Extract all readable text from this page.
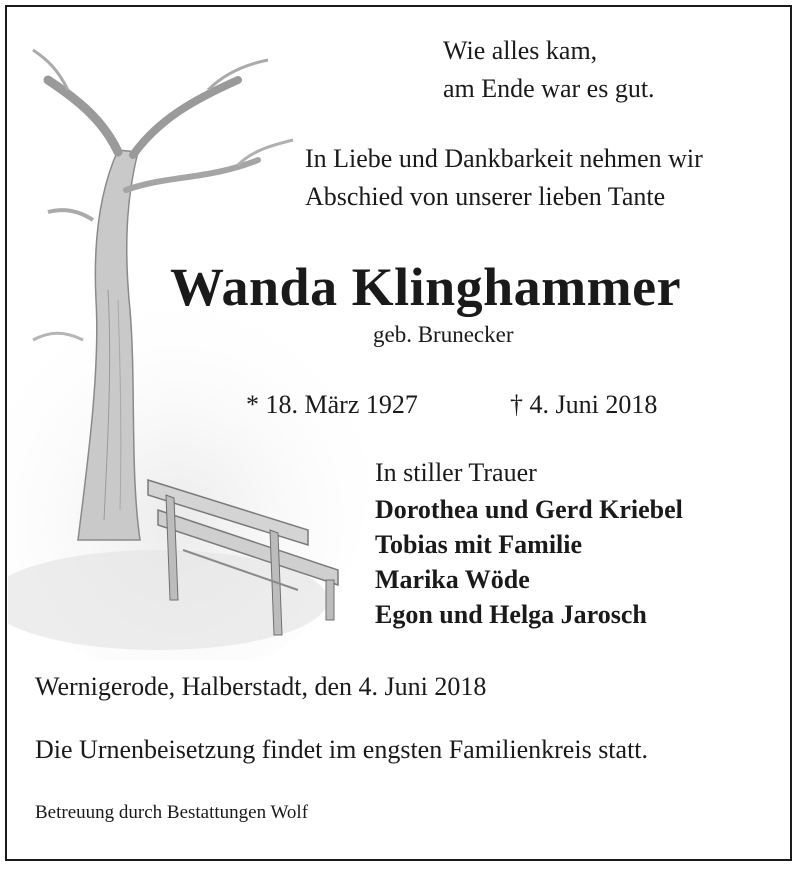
Wie alles kam,
am Ende war es gut.
In Liebe und Dankbarkeit nehmen wir
Abschied von unserer lieben Tante
Wanda Klinghammer
geb. Brunecker
* 18. März 1927	† 4. Juni 2018
In stiller Trauer
Dorothea und Gerd Kriebel
Tobias mit Familie
Marika Wöde
Egon und Helga Jarosch
Wernigerode, Halberstadt, den 4. Juni 2018
Die Urnenbeisetzung findet im engsten Familienkreis statt.
Betreuung durch Bestattungen Wolf
